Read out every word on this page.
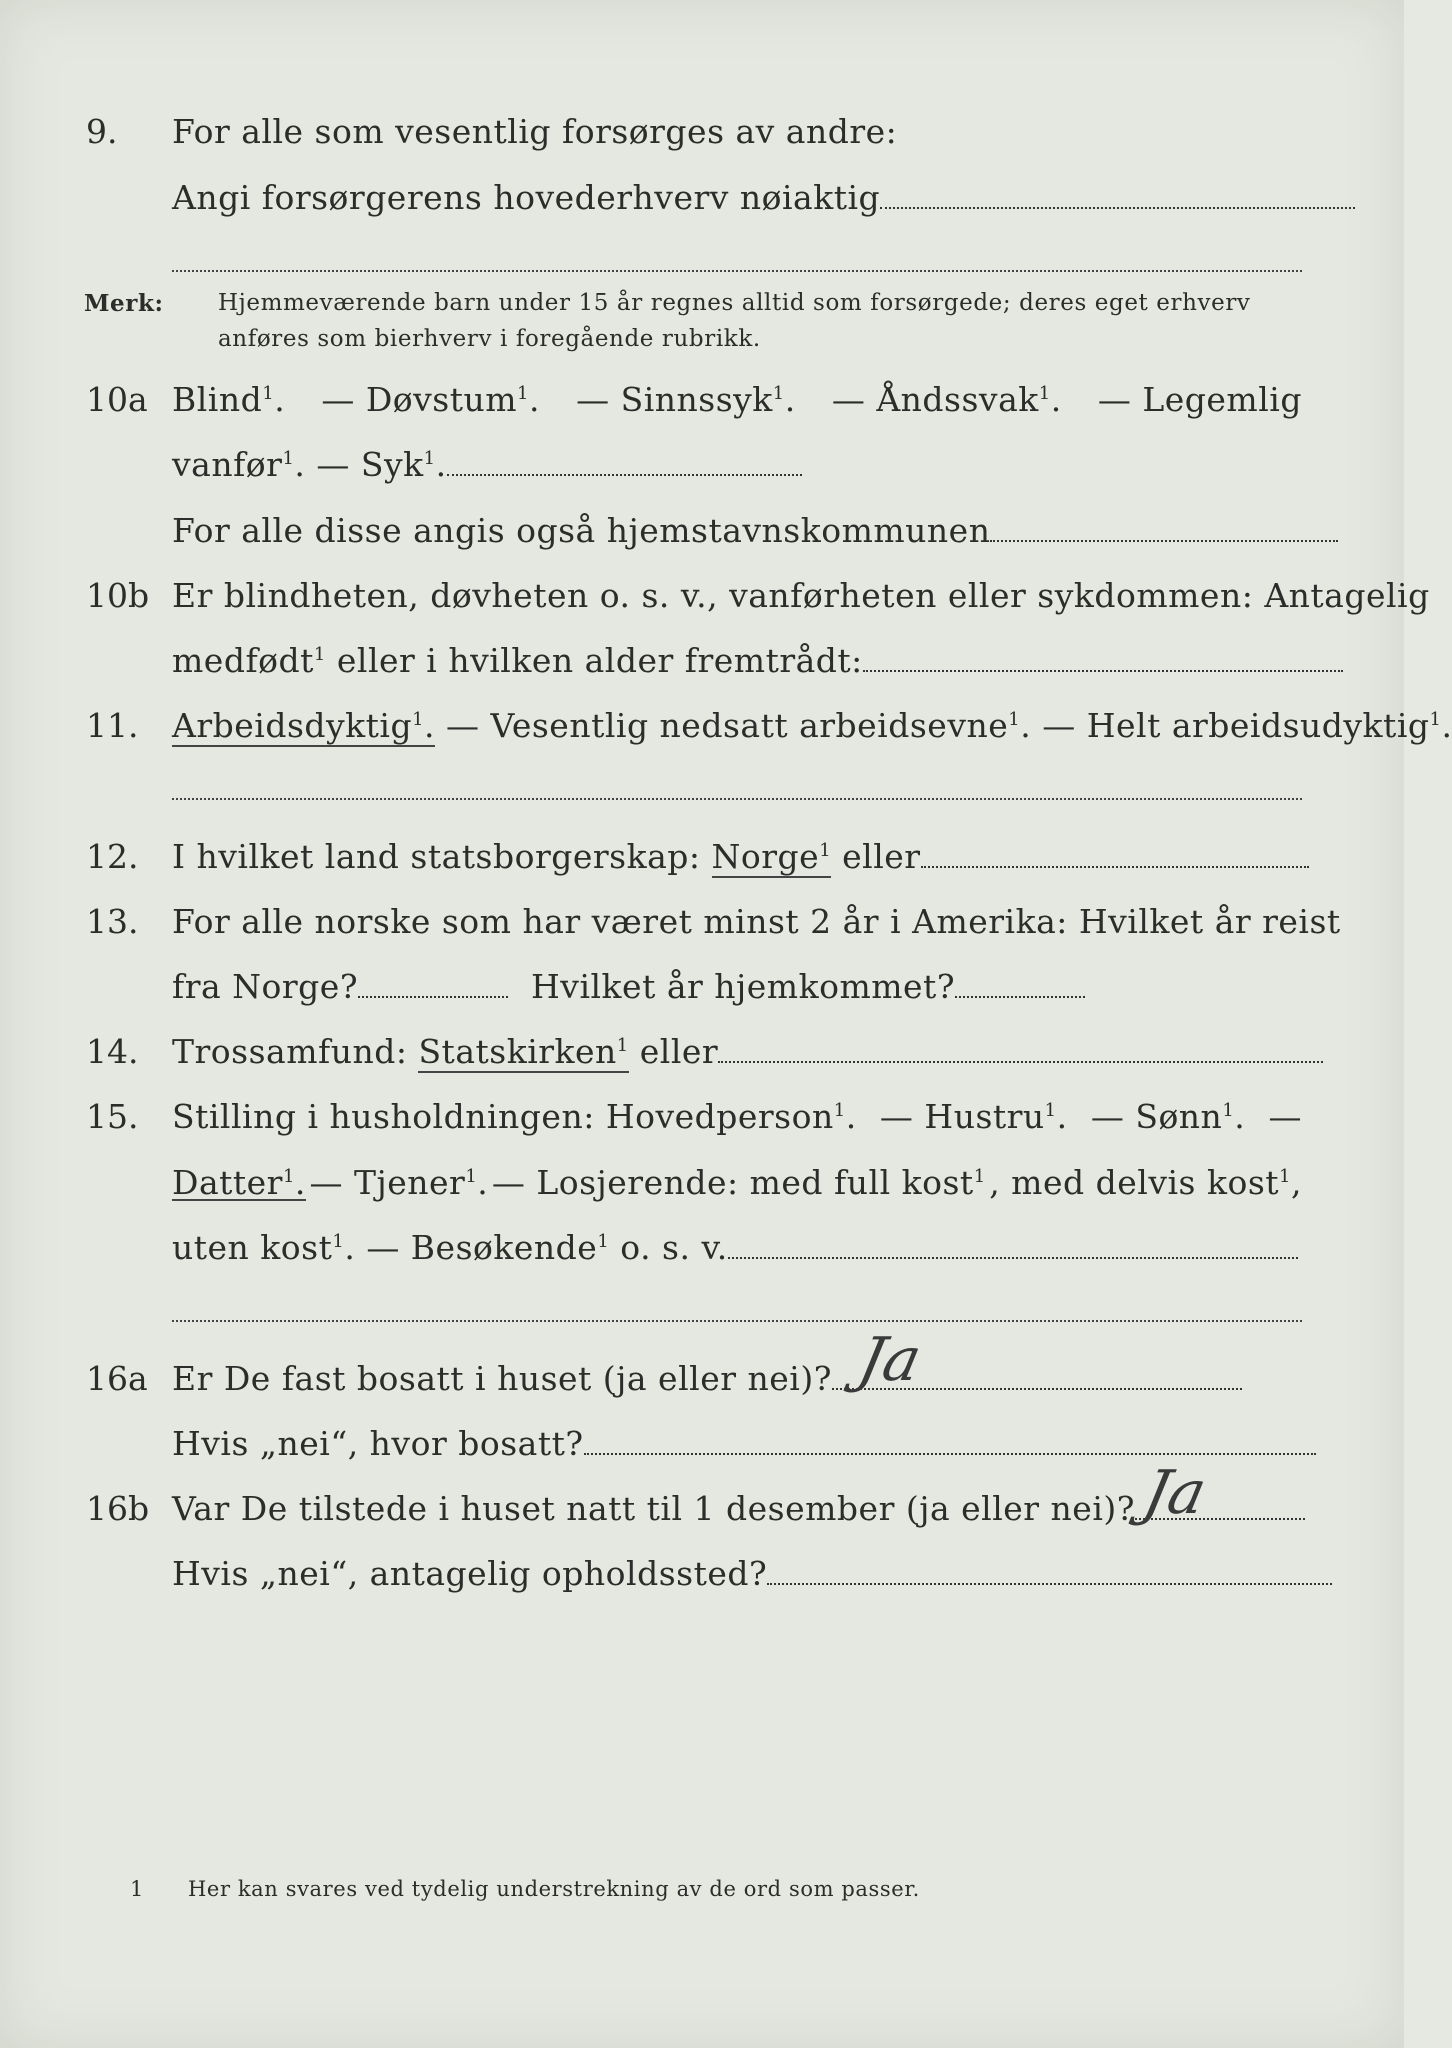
9. For alle som vesentlig forsørges av andre:
Angi forsørgerens hovederhverv nøiaktig
Merk: Hjemmeværende barn under 15 år regnes alltid som forsørgede; deres eget erhverv
anføres som bierhverv i foregående rubrikk.
10a Blind$^1$. — Døvstum$^1$. — Sinnssyk$^1$. — Åndssvak$^1$. — Legemlig
vanfør$^1$. — Syk$^1$.
For alle disse angis også hjemstavnskommunen
10b Er blindheten, døvheten o. s. v., vanførheten eller sykdommen: Antagelig
medfødt$^1$ eller i hvilken alder fremtrådt:
11. Arbeidsdyktig$^1$. — Vesentlig nedsatt arbeidsevne$^1$. — Helt arbeidsudyktig$^1$.
12. I hvilket land statsborgerskap: Norge$^1$ eller
13. For alle norske som har været minst 2 år i Amerika: Hvilket år reist
fra Norge?	Hvilket år hjemkommet?
14. Trossamfund: Statskirken$^1$ eller
15. Stilling i husholdningen: Hovedperson$^1$. — Hustru$^1$. — Sønn$^1$. —
Datter$^1$. — Tjener$^1$. — Losjerende: med full kost$^1$ , med delvis kost$^1$,
uten kost$^1$. — Besøkende$^1$ o. s. v.
16a Er De fast bosatt i huset (ja eller nei)? Ja
Hvis „nei“, hvor bosatt?
16b Var De tilstede i huset natt til 1 desember (ja eller nei)? Ja
Hvis „nei“, antagelig opholdssted?
1 Her kan svares ved tydelig understrekning av de ord som passer.
